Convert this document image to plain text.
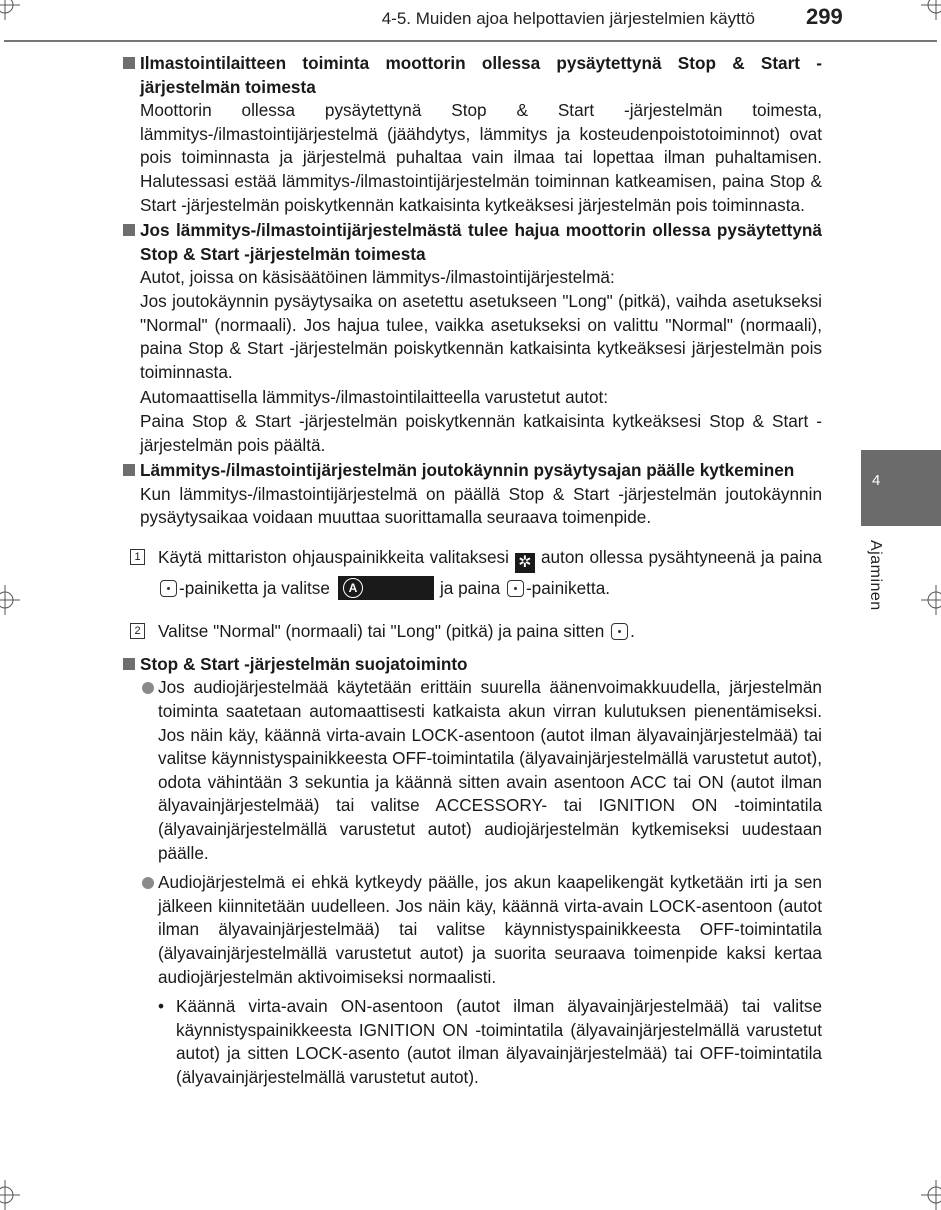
4-5. Muiden ajoa helpottavien järjestelmien käyttö 299
4
Ajaminen
Ilmastointilaitteen toiminta moottorin ollessa pysäytettynä Stop & Start -järjestelmän toimesta
Moottorin ollessa pysäytettynä Stop & Start -järjestelmän toimesta, lämmitys-/ilmastointijärjestelmä (jäähdytys, lämmitys ja kosteudenpoistotoiminnot) ovat pois toiminnasta ja järjestelmä puhaltaa vain ilmaa tai lopettaa ilman puhaltamisen. Halutessasi estää lämmitys-/ilmastointijärjestelmän toiminnan katkeamisen, paina Stop & Start -järjestelmän poiskytkennän katkaisinta kytkeäksesi järjestelmän pois toiminnasta.
Jos lämmitys-/ilmastointijärjestelmästä tulee hajua moottorin ollessa pysäytettynä Stop & Start -järjestelmän toimesta
Autot, joissa on käsisäätöinen lämmitys-/ilmastointijärjestelmä:
Jos joutokäynnin pysäytysaika on asetettu asetukseen "Long" (pitkä), vaihda asetukseksi "Normal" (normaali). Jos hajua tulee, vaikka asetukseksi on valittu "Normal" (normaali), paina Stop & Start -järjestelmän poiskytkennän katkaisinta kytkeäksesi järjestelmän pois toiminnasta.
Automaattisella lämmitys-/ilmastointilaitteella varustetut autot:
Paina Stop & Start -järjestelmän poiskytkennän katkaisinta kytkeäksesi Stop & Start -järjestelmän pois päältä.
Lämmitys-/ilmastointijärjestelmän joutokäynnin pysäytysajan päälle kytkeminen
Kun lämmitys-/ilmastointijärjestelmä on päällä Stop & Start -järjestelmän joutokäynnin pysäytysaikaa voidaan muuttaa suorittamalla seuraava toimenpide.
1 Käytä mittariston ohjauspainikkeita valitaksesi ✲ auton ollessa pysähtyneenä ja paina -painiketta ja valitse	A	ja paina -painiketta.
2 Valitse "Normal" (normaali) tai "Long" (pitkä) ja paina sitten .
Stop & Start -järjestelmän suojatoiminto
Jos audiojärjestelmää käytetään erittäin suurella äänenvoimakkuudella, järjestelmän toiminta saatetaan automaattisesti katkaista akun virran kulutuksen pienentämiseksi. Jos näin käy, käännä virta-avain LOCK-asentoon (autot ilman älyavainjärjestelmää) tai valitse käynnistyspainikkeesta OFF-toimintatila (älyavainjärjestelmällä varustetut autot), odota vähintään 3 sekuntia ja käännä sitten avain asentoon ACC tai ON (autot ilman älyavainjärjestelmää) tai valitse ACCESSORY- tai IGNITION ON -toimintatila (älyavainjärjestelmällä varustetut autot) audiojärjestelmän kytkemiseksi uudestaan päälle.
Audiojärjestelmä ei ehkä kytkeydy päälle, jos akun kaapelikengät kytketään irti ja sen jälkeen kiinnitetään uudelleen. Jos näin käy, käännä virta-avain LOCK-asentoon (autot ilman älyavainjärjestelmää) tai valitse käynnistyspainikkeesta OFF-toimintatila (älyavainjärjestelmällä varustetut autot) ja suorita seuraava toimenpide kaksi kertaa audiojärjestelmän aktivoimiseksi normaalisti.
• Käännä virta-avain ON-asentoon (autot ilman älyavainjärjestelmää) tai valitse käynnistyspainikkeesta IGNITION ON -toimintatila (älyavainjärjestelmällä varustetut autot) ja sitten LOCK-asento (autot ilman älyavainjärjestelmää) tai OFF-toimintatila (älyavainjärjestelmällä varustetut autot).
